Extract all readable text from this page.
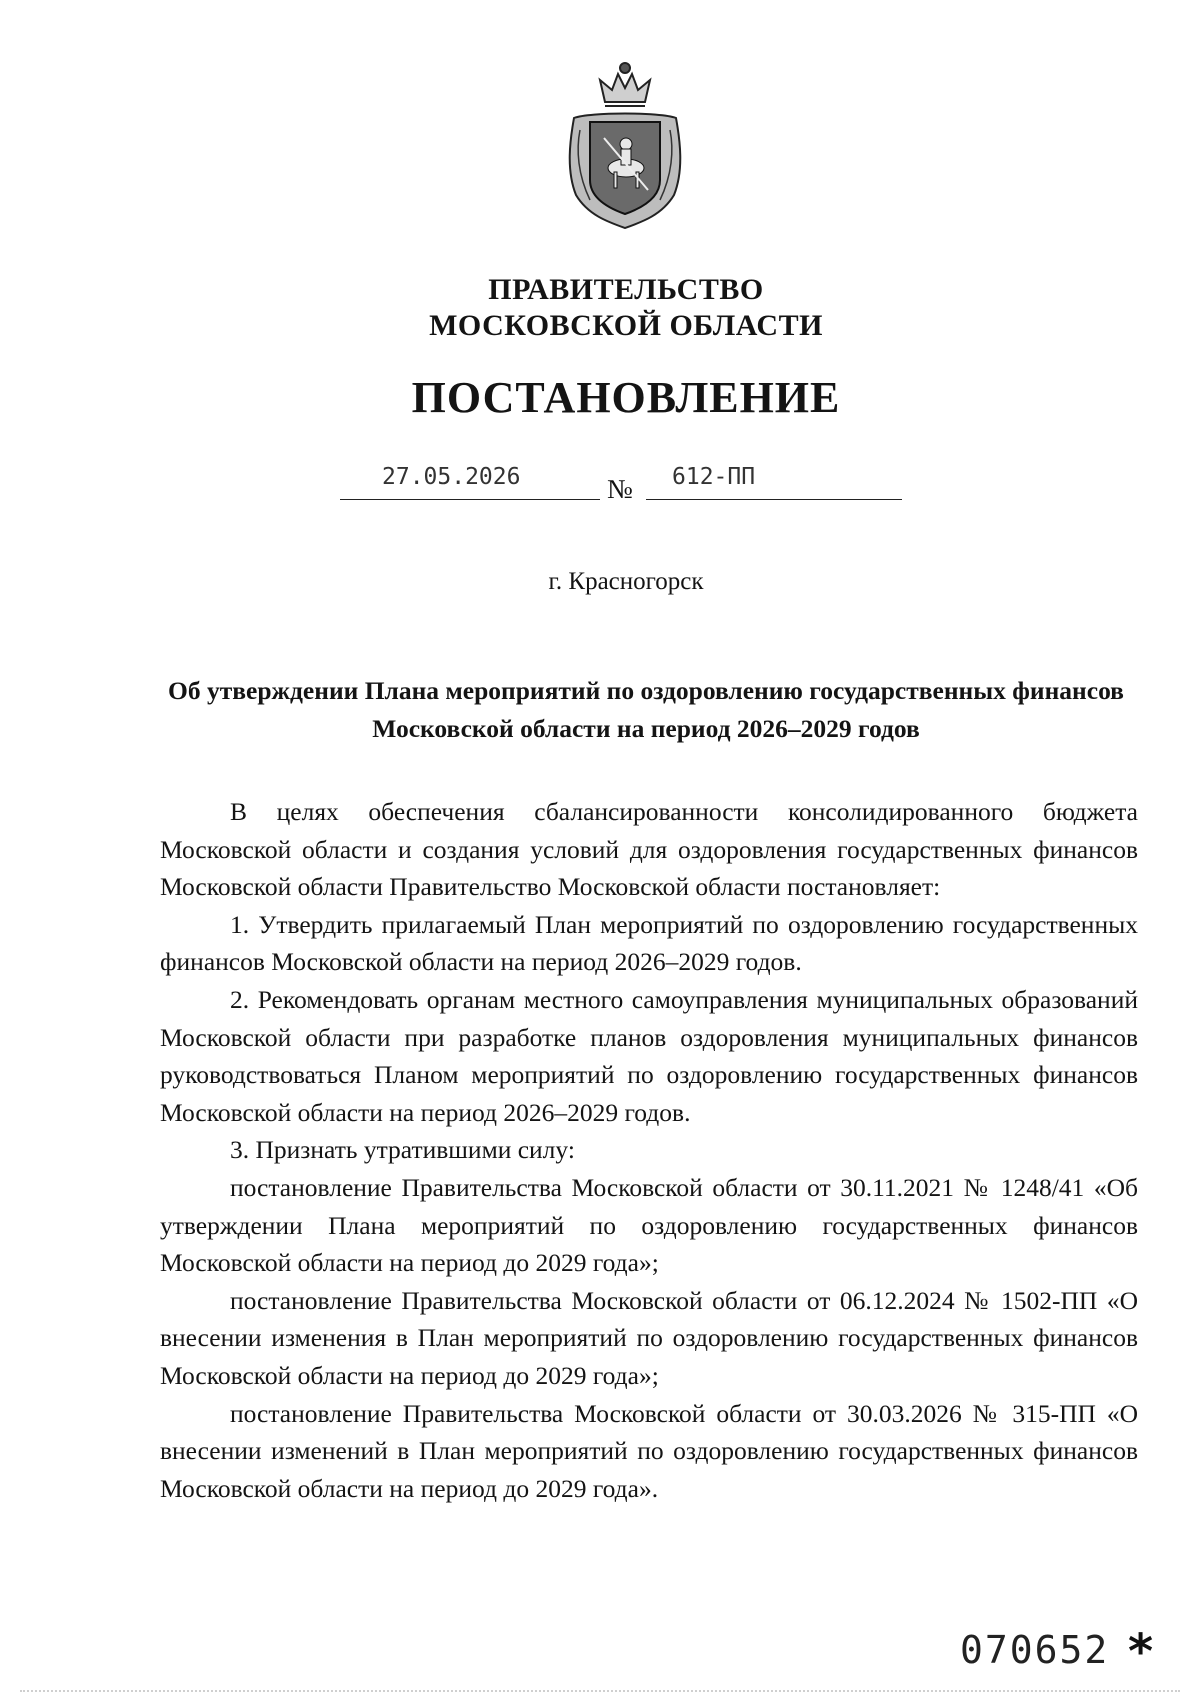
ПРАВИТЕЛЬСТВО
МОСКОВСКОЙ ОБЛАСТИ
ПОСТАНОВЛЕНИЕ
27.05.2026	№ 612-ПП
г. Красногорск

Об утверждении Плана мероприятий по оздоровлению государственных финансов Московской области на период 2026–2029 годов

В целях обеспечения сбалансированности консолидированного бюджета Московской области и создания условий для оздоровления государственных финансов Московской области Правительство Московской области постановляет:

1. Утвердить прилагаемый План мероприятий по оздоровлению государственных финансов Московской области на период 2026–2029 годов.

2. Рекомендовать органам местного самоуправления муниципальных образований Московской области при разработке планов оздоровления муниципальных финансов руководствоваться Планом мероприятий по оздоровлению государственных финансов Московской области на период 2026–2029 годов.

3. Признать утратившими силу:

постановление Правительства Московской области от 30.11.2021 № 1248/41 «Об утверждении Плана мероприятий по оздоровлению государственных финансов Московской области на период до 2029 года»;

постановление Правительства Московской области от 06.12.2024 № 1502-ПП «О внесении изменения в План мероприятий по оздоровлению государственных финансов Московской области на период до 2029 года»;

постановление Правительства Московской области от 30.03.2026 № 315-ПП «О внесении изменений в План мероприятий по оздоровлению государственных финансов Московской области на период до 2029 года».

070652 *
